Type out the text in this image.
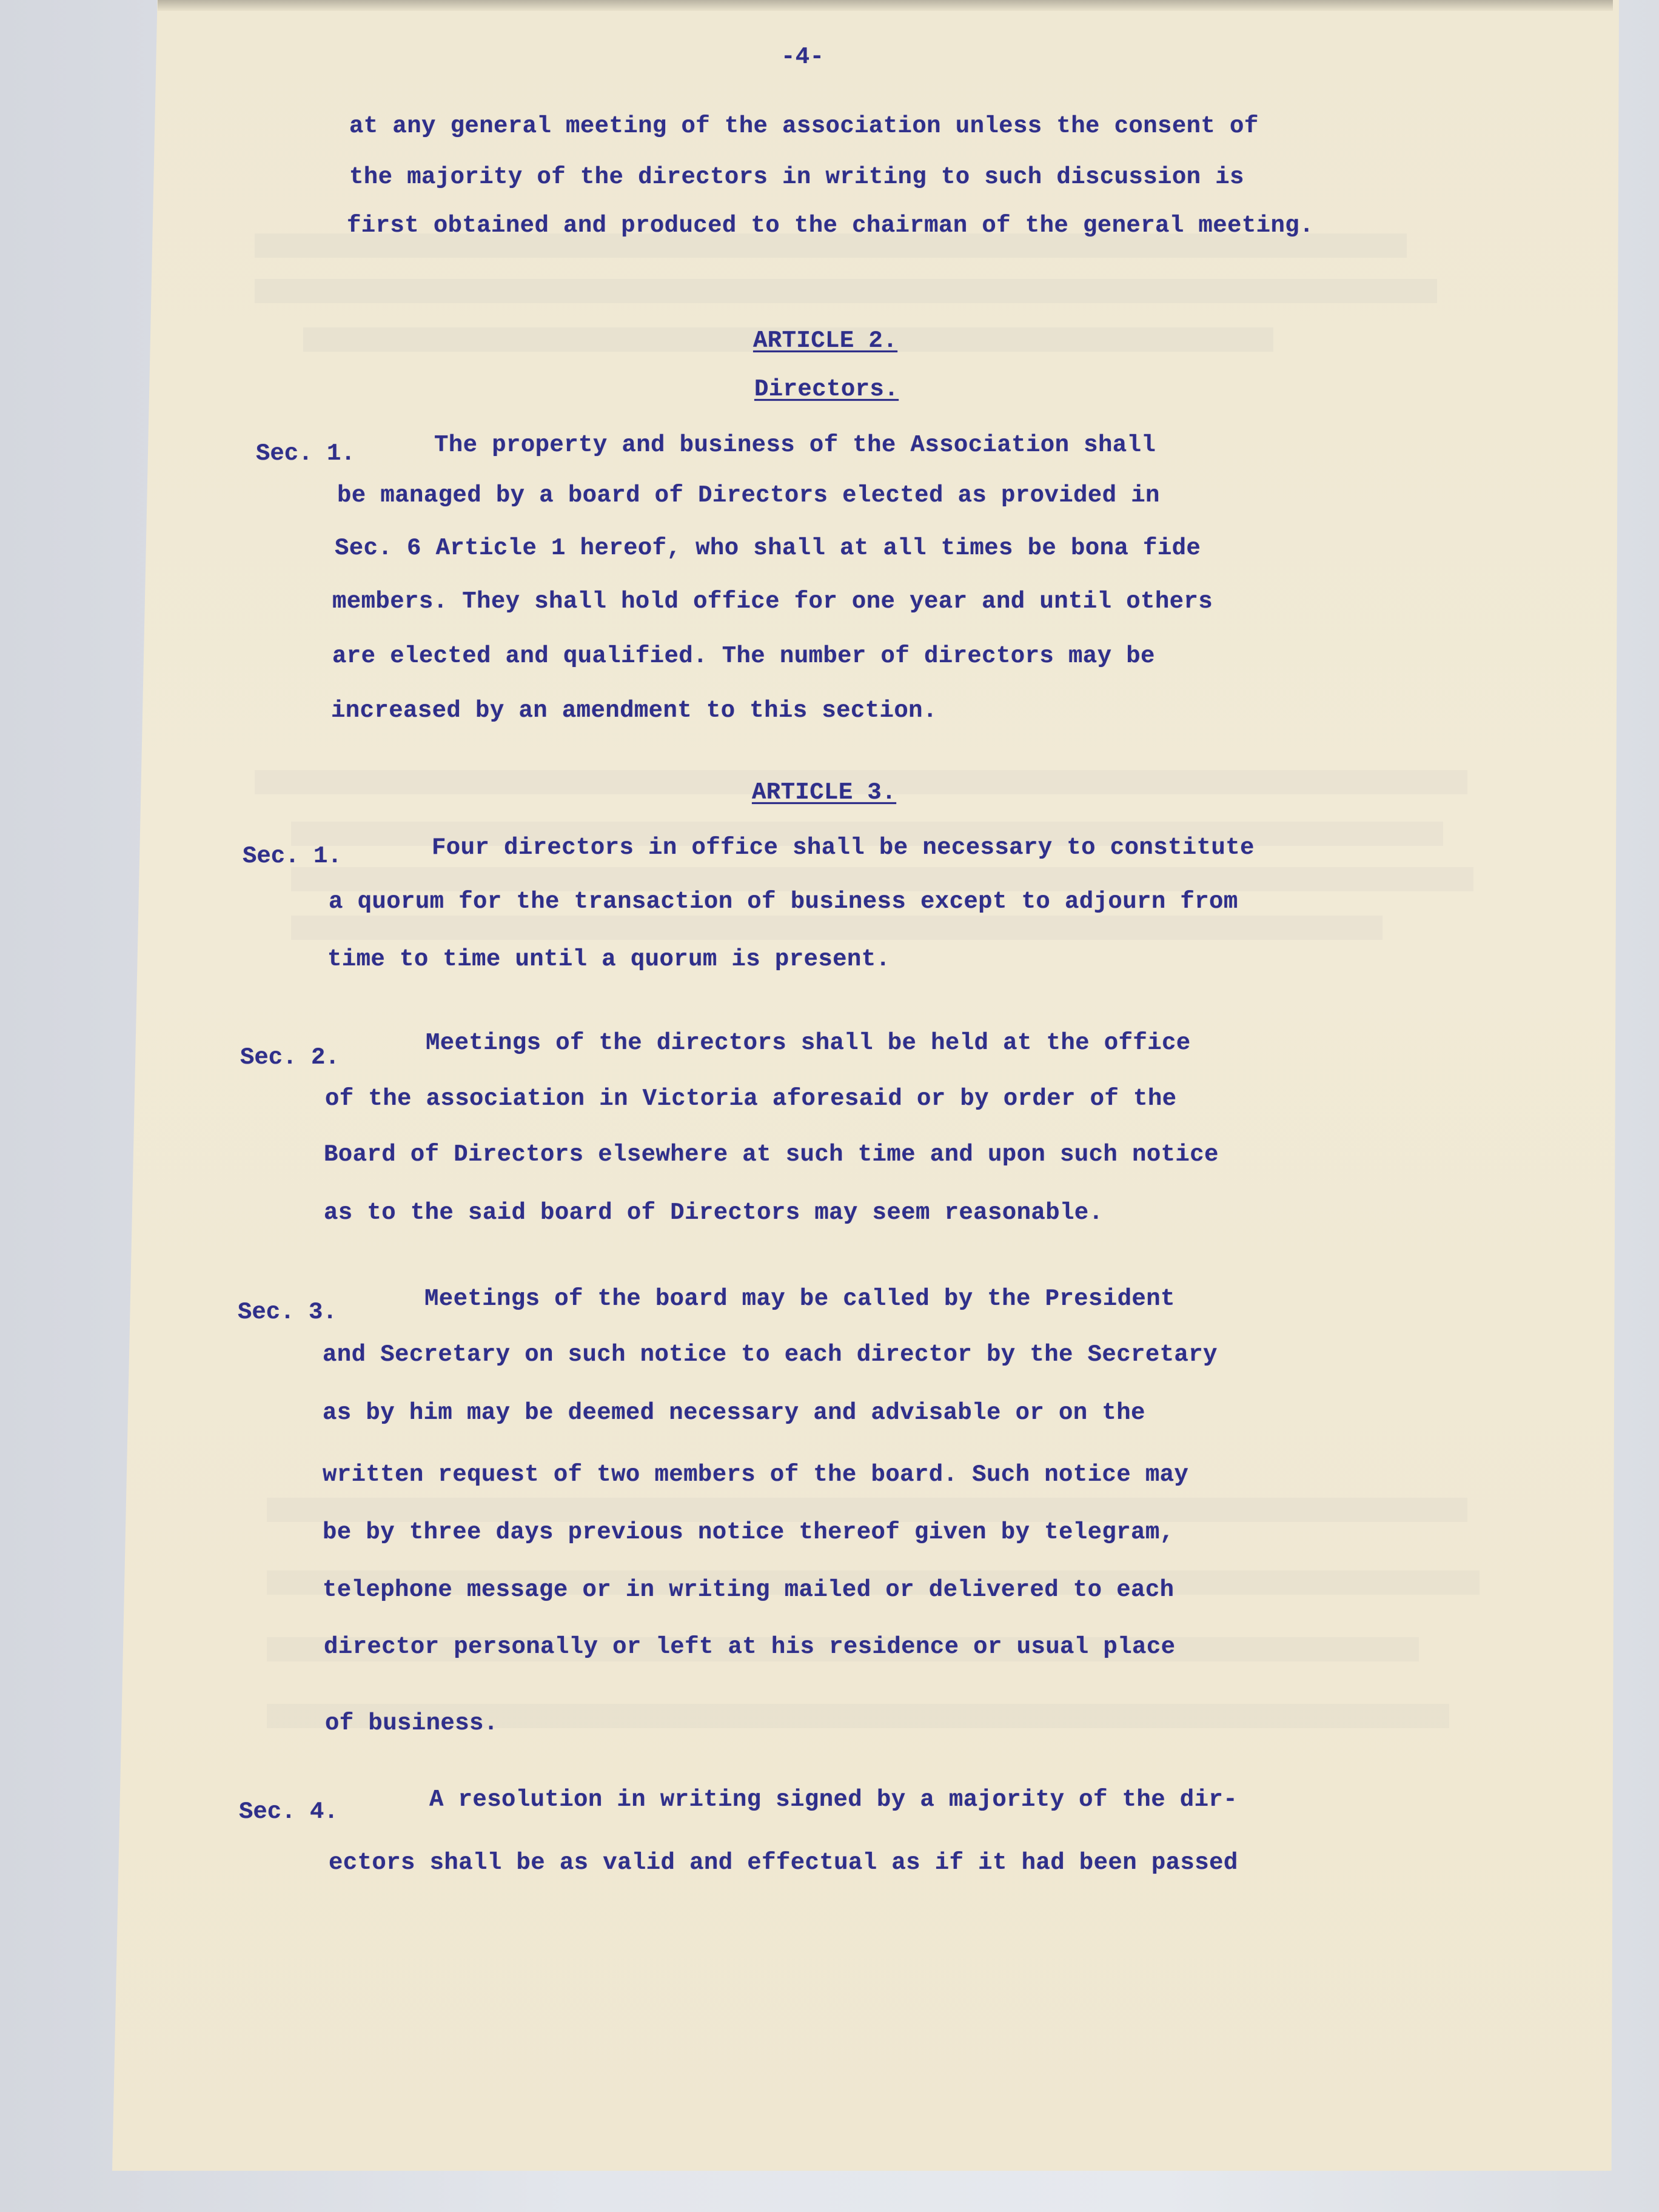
-4-
at any general meeting of the association unless the consent of
the majority of the directors in writing to such discussion is
first obtained and produced to the chairman of the general meeting.
ARTICLE 2.
Directors.
Sec. 1.	The property and business of the Association shall
be managed by a board of Directors elected as provided in
Sec. 6 Article 1 hereof, who shall at all times be bona fide
members. They shall hold office for one year and until others
are elected and qualified. The number of directors may be
increased by an amendment to this section.
ARTICLE 3.
Sec. 1.	Four directors in office shall be necessary to constitute
a quorum for the transaction of business except to adjourn from
time to time until a quorum is present.
Sec. 2.
Meetings of the directors shall be held at the office
of the association in Victoria aforesaid or by order of the
Board of Directors elsewhere at such time and upon such notice
as to the said board of Directors may seem reasonable.
Sec. 3.	Meetings of the board may be called by the President
and Secretary on such notice to each director by the Secretary
as by him may be deemed necessary and advisable or on the
written request of two members of the board. Such notice may
be by three days previous notice thereof given by telegram,
telephone message or in writing mailed or delivered to each
director personally or left at his residence or usual place
of business.
Sec. 4.	A resolution in writing signed by a majority of the dir-
ectors shall be as valid and effectual as if it had been passed
